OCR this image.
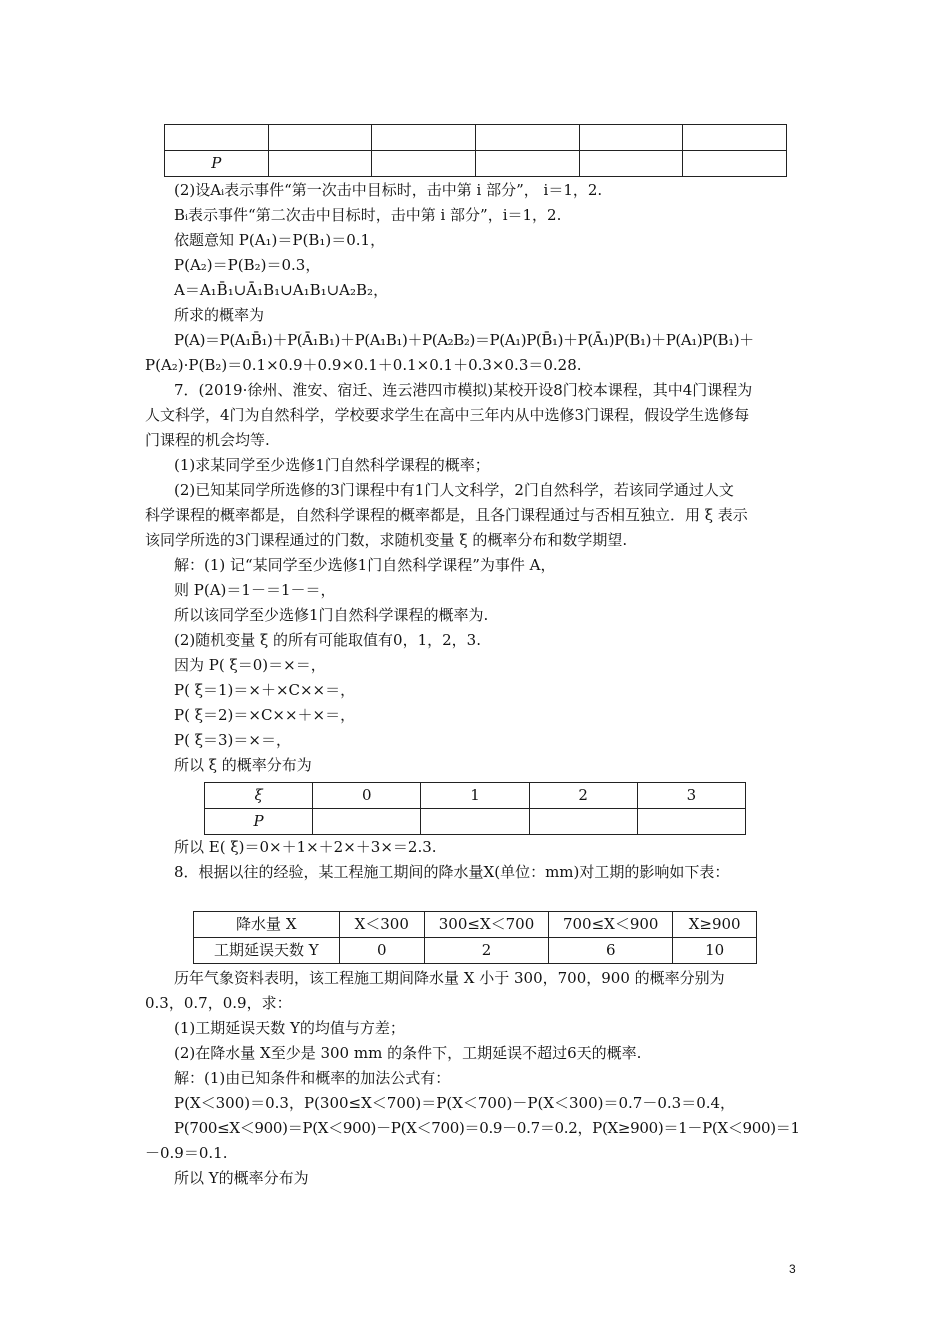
P					
(2)设Aᵢ表示事件“第一次击中目标时，击中第 i 部分”， i＝1，2.
Bᵢ表示事件“第二次击中目标时，击中第 i 部分”，i＝1，2.
依题意知 P(A₁)＝P(B₁)＝0.1，
P(A₂)＝P(B₂)＝0.3，
A＝A₁B̄₁∪Ā₁B₁∪A₁B₁∪A₂B₂，
所求的概率为
P(A)＝P(A₁B̄₁)＋P(Ā₁B₁)＋P(A₁B₁)＋P(A₂B₂)＝P(A₁)P(B̄₁)＋P(Ā₁)P(B₁)＋P(A₁)P(B₁)＋
P(A₂)·P(B₂)＝0.1×0.9＋0.9×0.1＋0.1×0.1＋0.3×0.3＝0.28.
7．(2019·徐州、淮安、宿迁、连云港四市模拟)某校开设8门校本课程，其中4门课程为
人文科学，4门为自然科学，学校要求学生在高中三年内从中选修3门课程，假设学生选修每
门课程的机会均等.
(1)求某同学至少选修1门自然科学课程的概率；
(2)已知某同学所选修的3门课程中有1门人文科学，2门自然科学，若该同学通过人文
科学课程的概率都是，自然科学课程的概率都是，且各门课程通过与否相互独立．用 ξ 表示
该同学所选的3门课程通过的门数，求随机变量 ξ 的概率分布和数学期望.
解：(1) 记“某同学至少选修1门自然科学课程”为事件 A，
则 P(A)＝1－＝1－＝，
所以该同学至少选修1门自然科学课程的概率为.
(2)随机变量 ξ 的所有可能取值有0，1，2，3.
因为 P( ξ＝0)＝×＝，
P( ξ＝1)＝×＋×C××＝，
P( ξ＝2)＝×C××＋×＝，
P( ξ＝3)＝×＝，
所以 ξ 的概率分布为
ξ	0	1	2	3
P				
所以 E( ξ)＝0×＋1×＋2×＋3×＝2.3.
8．根据以往的经验，某工程施工期间的降水量X(单位：mm)对工期的影响如下表：
降水量 X	X＜300	300≤X＜700	700≤X＜900	X≥900
工期延误天数 Y	0	2	6	10
历年气象资料表明，该工程施工期间降水量 X 小于 300，700，900 的概率分别为
0.3，0.7，0.9，求：
(1)工期延误天数 Y的均值与方差；
(2)在降水量 X至少是 300 mm 的条件下，工期延误不超过6天的概率.
解：(1)由已知条件和概率的加法公式有：
P(X＜300)＝0.3，P(300≤X＜700)＝P(X＜700)－P(X＜300)＝0.7－0.3＝0.4，
P(700≤X＜900)＝P(X＜900)－P(X＜700)＝0.9－0.7＝0.2，P(X≥900)＝1－P(X＜900)＝1
－0.9＝0.1.
所以 Y的概率分布为
3
